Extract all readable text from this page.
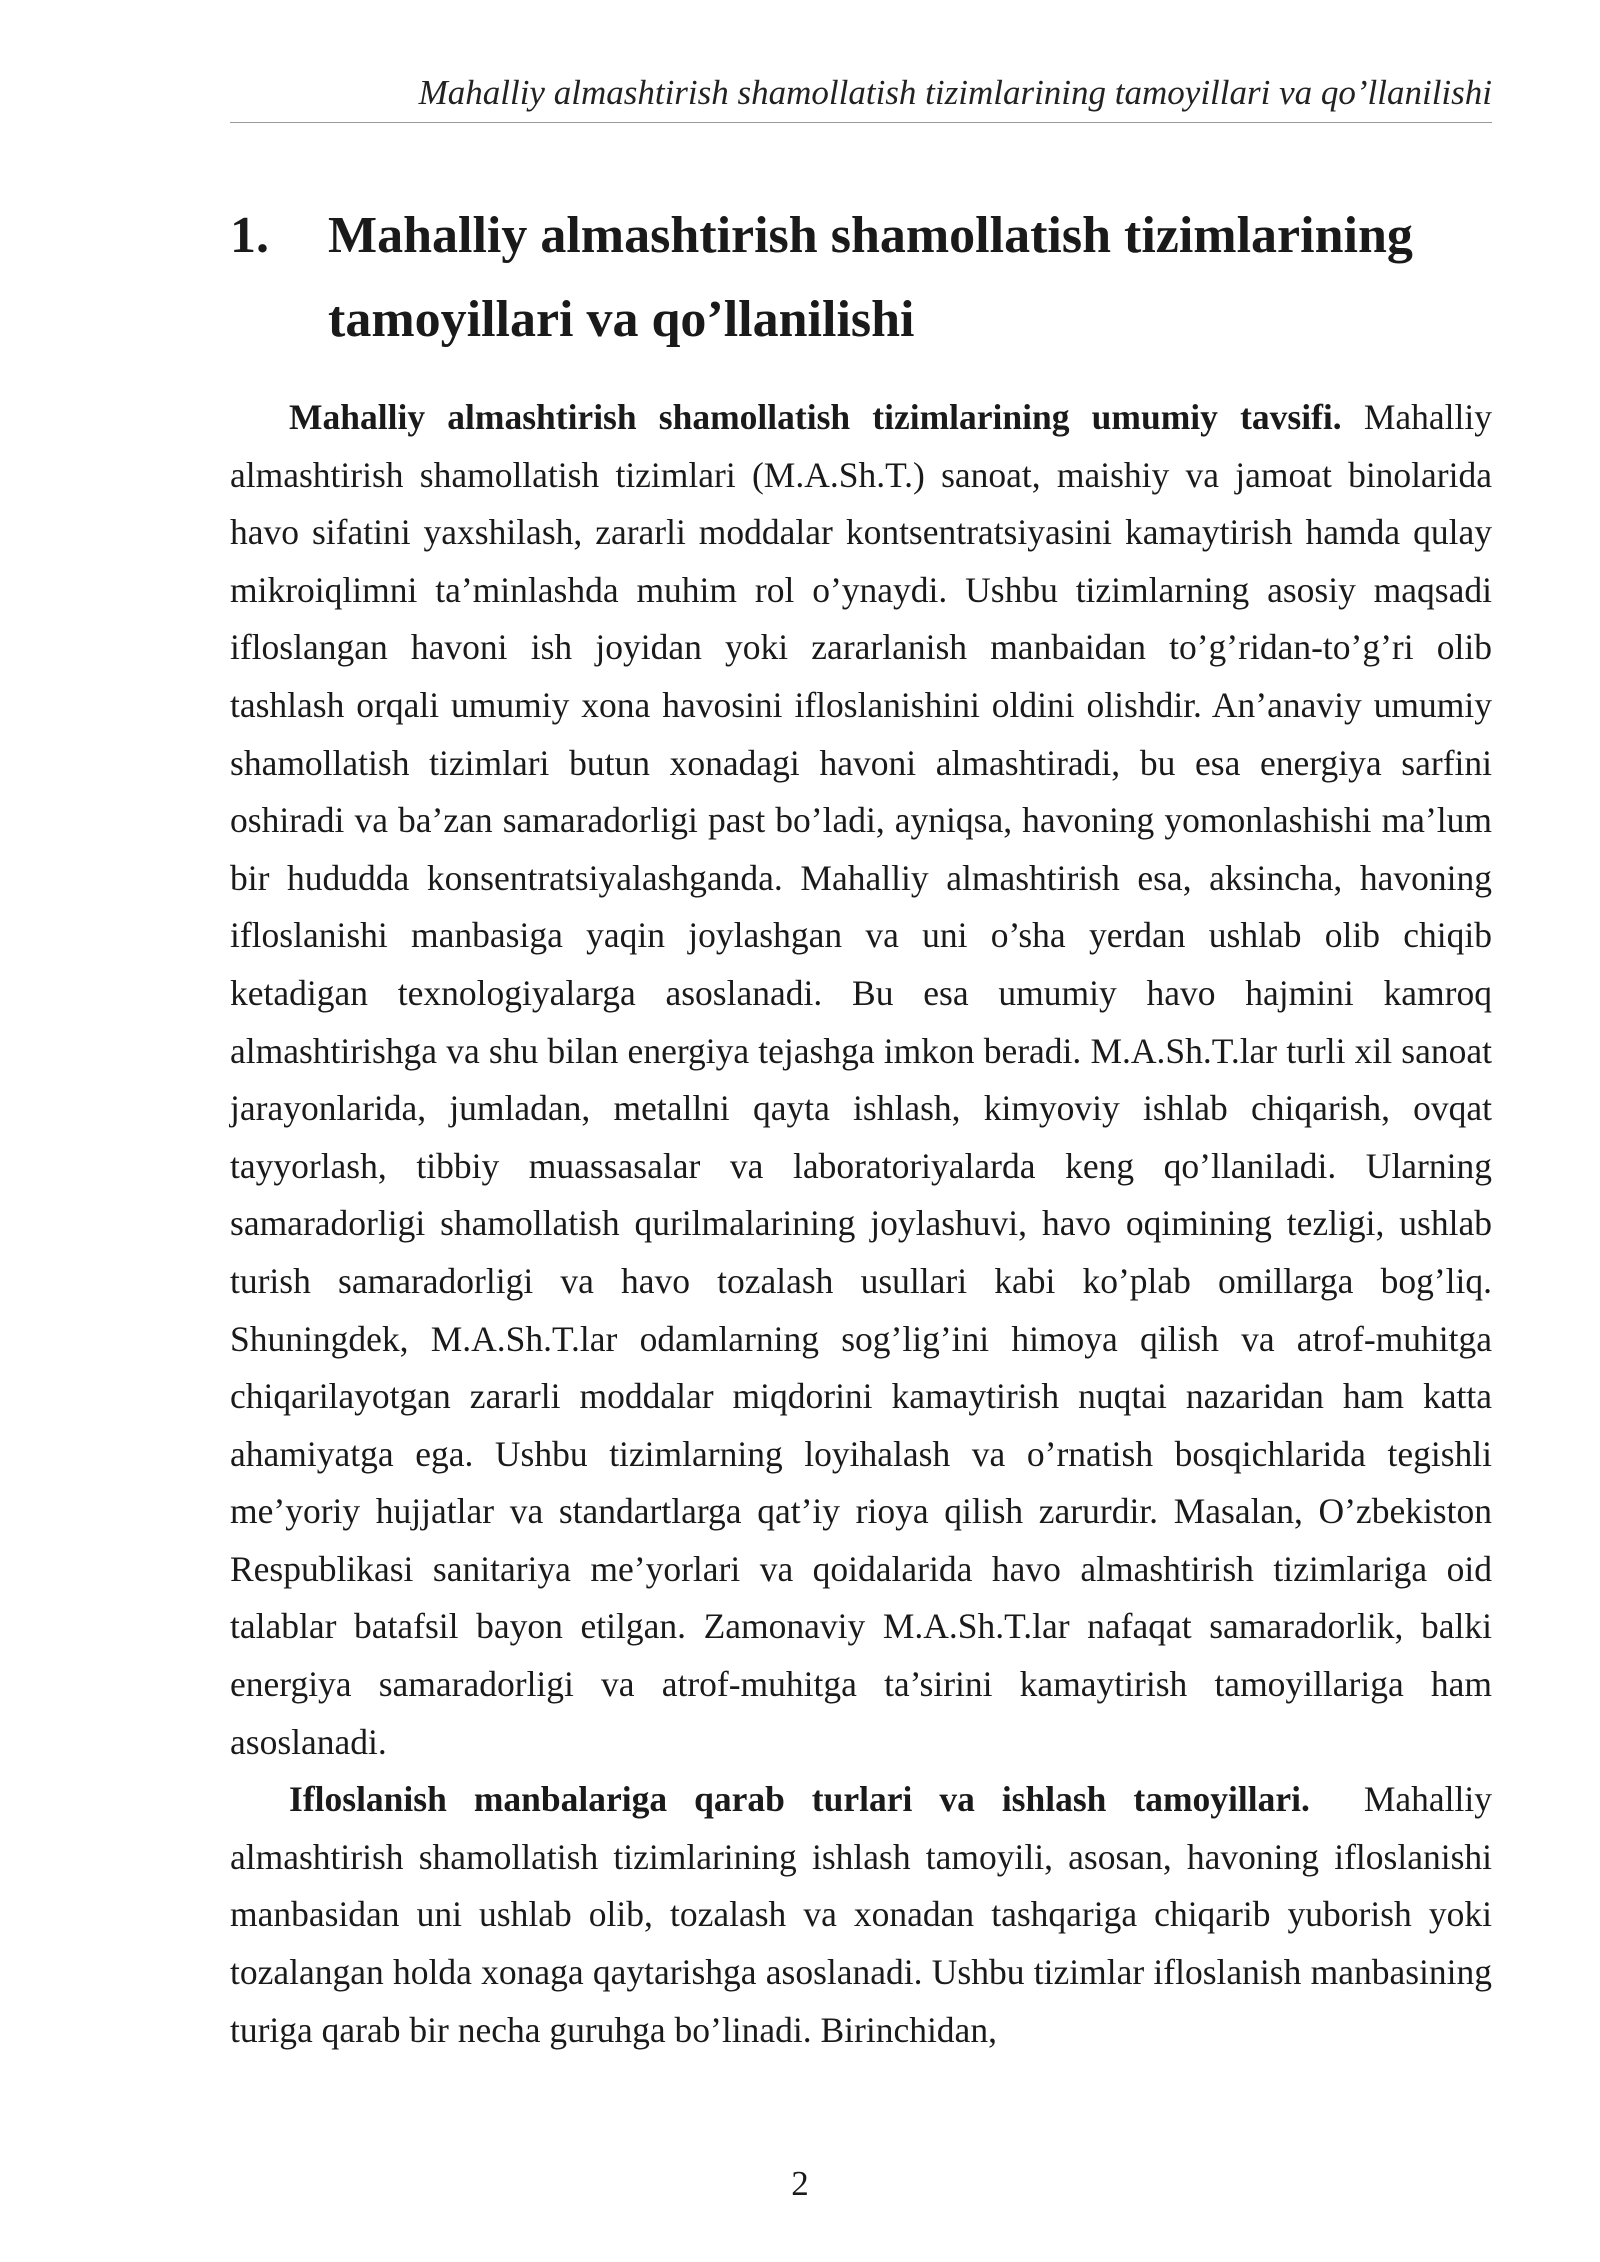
Mahalliy almashtirish shamollatish tizimlarining tamoyillari va qo’llanilishi
1. Mahalliy almashtirish shamollatish tizimlarining tamoyillari va qo’llanilishi

Mahalliy almashtirish shamollatish tizimlarining umumiy tavsifi. Mahalliy almashtirish shamollatish tizimlari (M.A.Sh.T.) sanoat, maishiy va jamoat binolarida havo sifatini yaxshilash, zararli moddalar kontsentratsiyasini kamaytirish hamda qulay mikroiqlimni ta’minlashda muhim rol o’ynaydi. Ushbu tizimlarning asosiy maqsadi ifloslangan havoni ish joyidan yoki zararlanish manbaidan to’g’ridan-to’g’ri olib tashlash orqali umumiy xona havosini ifloslanishini oldini olishdir. An’anaviy umumiy shamollatish tizimlari butun xonadagi havoni almashtiradi, bu esa energiya sarfini oshiradi va ba’zan samaradorligi past bo’ladi, ayniqsa, havoning yomonlashishi ma’lum bir hududda konsentratsiyalashganda. Mahalliy almashtirish esa, aksincha, havoning ifloslanishi manbasiga yaqin joylashgan va uni o’sha yerdan ushlab olib chiqib ketadigan texnologiyalarga asoslanadi. Bu esa umumiy havo hajmini kamroq almashtirishga va shu bilan energiya tejashga imkon beradi. M.A.Sh.T.lar turli xil sanoat jarayonlarida, jumladan, metallni qayta ishlash, kimyoviy ishlab chiqarish, ovqat tayyorlash, tibbiy muassasalar va laboratoriyalarda keng qo’llaniladi. Ularning samaradorligi shamollatish qurilmalarining joylashuvi, havo oqimining tezligi, ushlab turish samaradorligi va havo tozalash usullari kabi ko’plab omillarga bog’liq. Shuningdek, M.A.Sh.T.lar odamlarning sog’lig’ini himoya qilish va atrof-muhitga chiqarilayotgan zararli moddalar miqdorini kamaytirish nuqtai nazaridan ham katta ahamiyatga ega. Ushbu tizimlarning loyihalash va o’rnatish bosqichlarida tegishli me’yoriy hujjatlar va standartlarga qat’iy rioya qilish zarurdir. Masalan, O’zbekiston Respublikasi sanitariya me’yorlari va qoidalarida havo almashtirish tizimlariga oid talablar batafsil bayon etilgan. Zamonaviy M.A.Sh.T.lar nafaqat samaradorlik, balki energiya samaradorligi va atrof-muhitga ta’sirini kamaytirish tamoyillariga ham asoslanadi.

Ifloslanish manbalariga qarab turlari va ishlash tamoyillari. Mahalliy almashtirish shamollatish tizimlarining ishlash tamoyili, asosan, havoning ifloslanishi manbasidan uni ushlab olib, tozalash va xonadan tashqariga chiqarib yuborish yoki tozalangan holda xonaga qaytarishga asoslanadi. Ushbu tizimlar ifloslanish manbasining turiga qarab bir necha guruhga bo’linadi. Birinchidan,

2
